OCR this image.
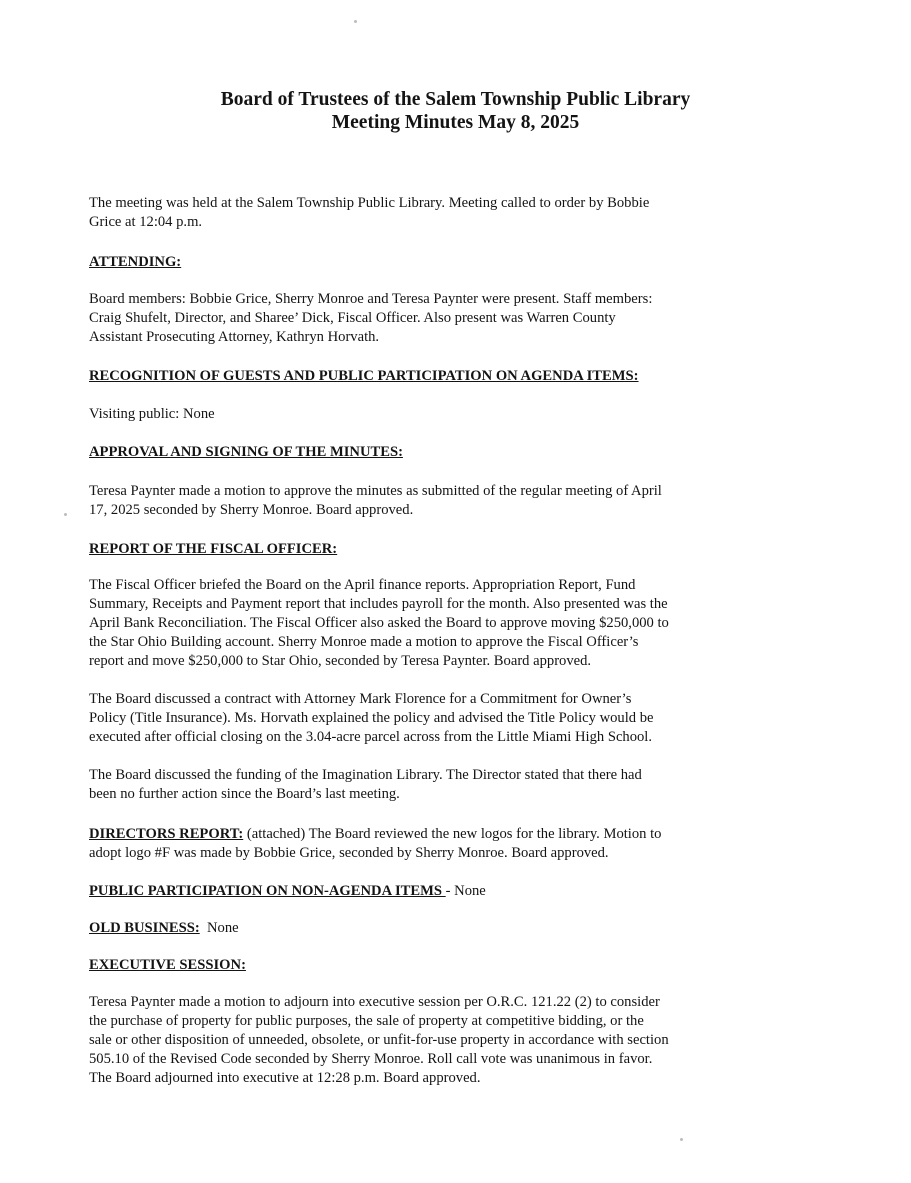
Board of Trustees of the Salem Township Public Library
Meeting Minutes May 8, 2025

The meeting was held at the Salem Township Public Library. Meeting called to order by Bobbie
Grice at 12:04 p.m.

ATTENDING:

Board members: Bobbie Grice, Sherry Monroe and Teresa Paynter were present. Staff members:
Craig Shufelt, Director, and Sharee’ Dick, Fiscal Officer. Also present was Warren County
Assistant Prosecuting Attorney, Kathryn Horvath.

RECOGNITION OF GUESTS AND PUBLIC PARTICIPATION ON AGENDA ITEMS:

Visiting public: None

APPROVAL AND SIGNING OF THE MINUTES:

Teresa Paynter made a motion to approve the minutes as submitted of the regular meeting of April
17, 2025 seconded by Sherry Monroe. Board approved.

REPORT OF THE FISCAL OFFICER:

The Fiscal Officer briefed the Board on the April finance reports. Appropriation Report, Fund
Summary, Receipts and Payment report that includes payroll for the month. Also presented was the
April Bank Reconciliation. The Fiscal Officer also asked the Board to approve moving $250,000 to
the Star Ohio Building account. Sherry Monroe made a motion to approve the Fiscal Officer’s
report and move $250,000 to Star Ohio, seconded by Teresa Paynter. Board approved.

The Board discussed a contract with Attorney Mark Florence for a Commitment for Owner’s
Policy (Title Insurance). Ms. Horvath explained the policy and advised the Title Policy would be
executed after official closing on the 3.04-acre parcel across from the Little Miami High School.

The Board discussed the funding of the Imagination Library. The Director stated that there had
been no further action since the Board’s last meeting.

DIRECTORS REPORT: (attached) The Board reviewed the new logos for the library. Motion to
adopt logo #F was made by Bobbie Grice, seconded by Sherry Monroe. Board approved.

PUBLIC PARTICIPATION ON NON-AGENDA ITEMS - None

OLD BUSINESS:  None

EXECUTIVE SESSION:

Teresa Paynter made a motion to adjourn into executive session per O.R.C. 121.22 (2) to consider
the purchase of property for public purposes, the sale of property at competitive bidding, or the
sale or other disposition of unneeded, obsolete, or unfit-for-use property in accordance with section
505.10 of the Revised Code seconded by Sherry Monroe. Roll call vote was unanimous in favor.
The Board adjourned into executive at 12:28 p.m. Board approved.
